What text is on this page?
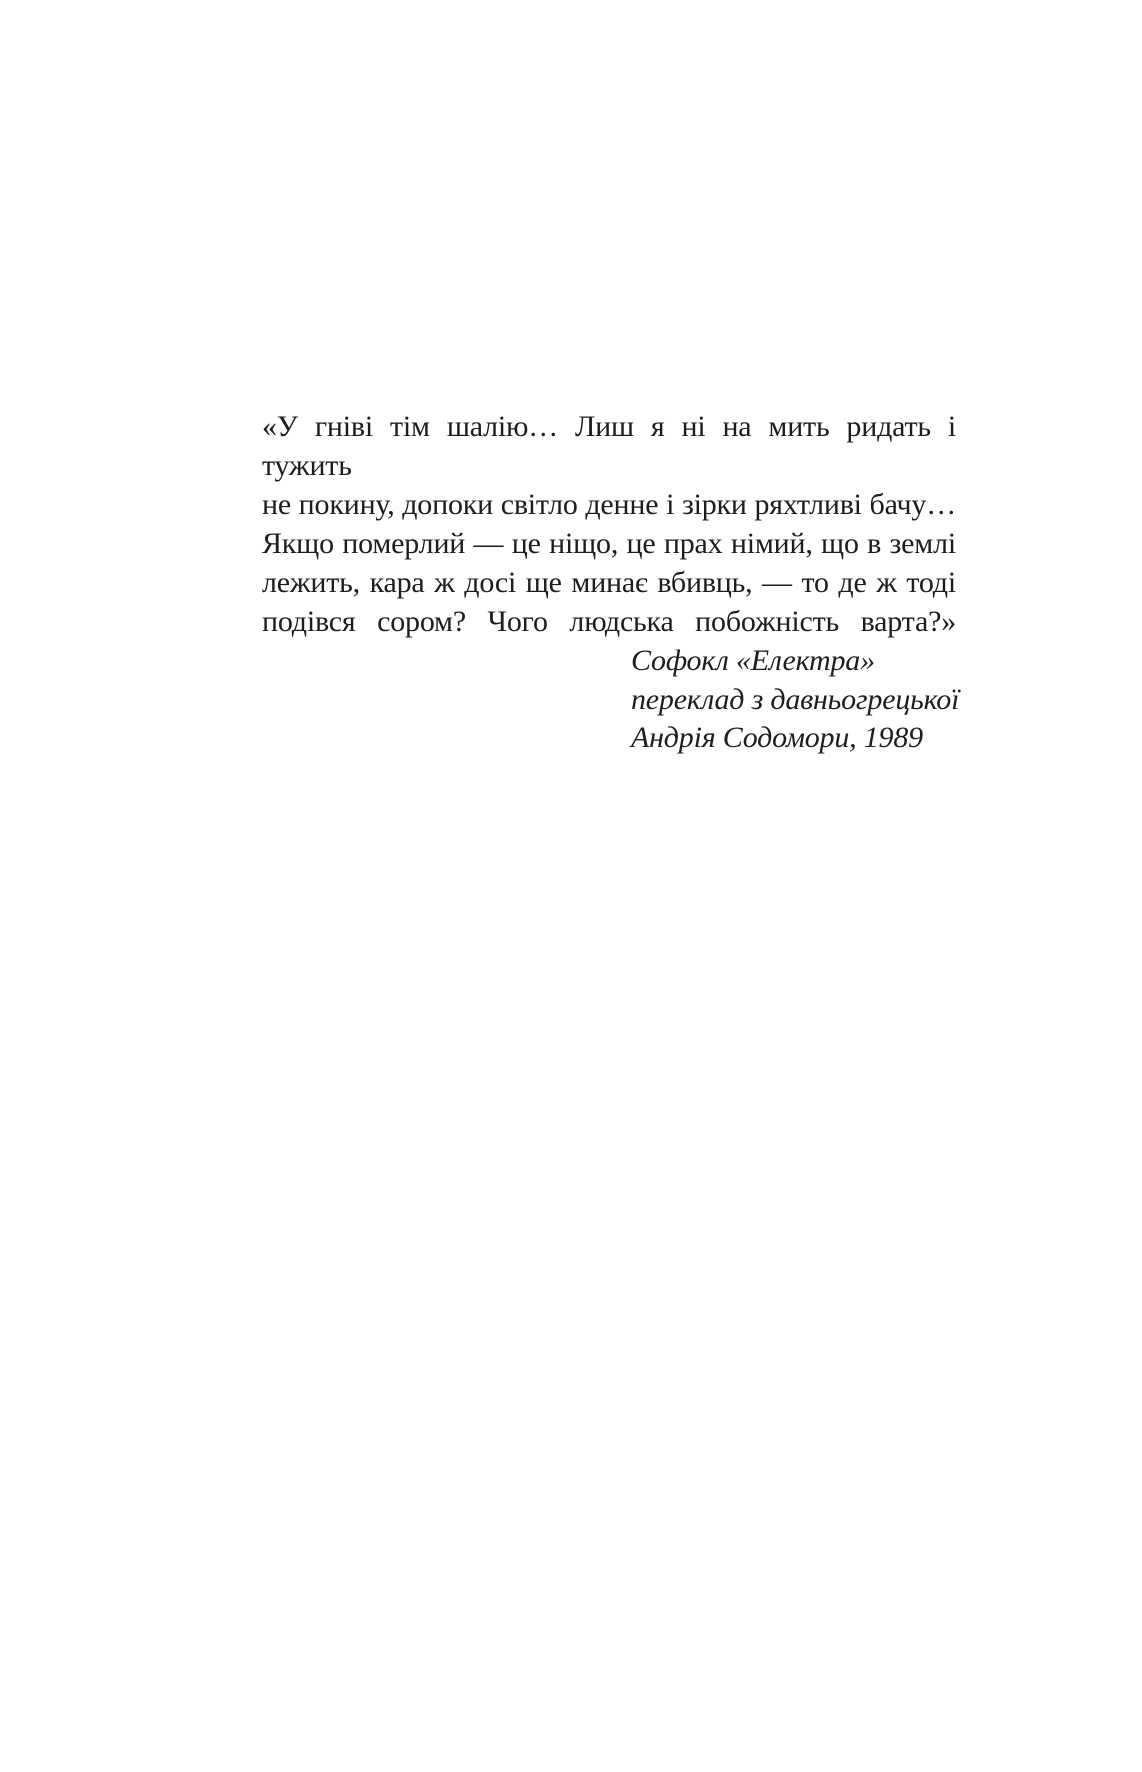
«У гніві тім шалію… Лиш я ні на мить ридать і тужить
не покину, допоки світло денне і зірки ряхтливі бачу…
Якщо померлий — це ніщо, це прах німий, що в землі
лежить, кара ж досі ще минає вбивць, — то де ж тоді
подівся сором? Чого людська побожність варта?»
Софокл «Електра»
переклад з давньогрецької
Андрія Содомори, 1989
